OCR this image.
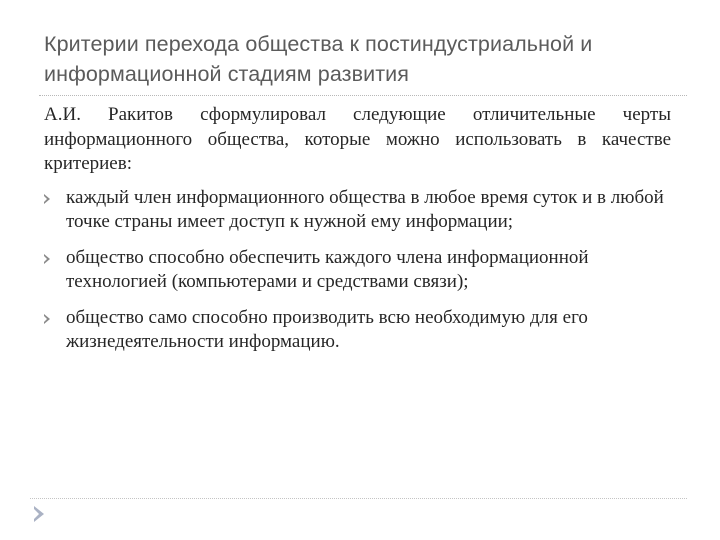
Критерии перехода общества к постиндустриальной и информационной стадиям развития

А.И. Ракитов сформулировал следующие отличительные черты информационного общества, которые можно использовать в качестве критериев:

каждый член информационного общества в любое время суток и в любой точке страны имеет доступ к нужной ему информации;
общество способно обеспечить каждого члена информационной технологией (компьютерами и средствами связи);
общество само способно производить всю необходимую для его жизнедеятельности информацию.
